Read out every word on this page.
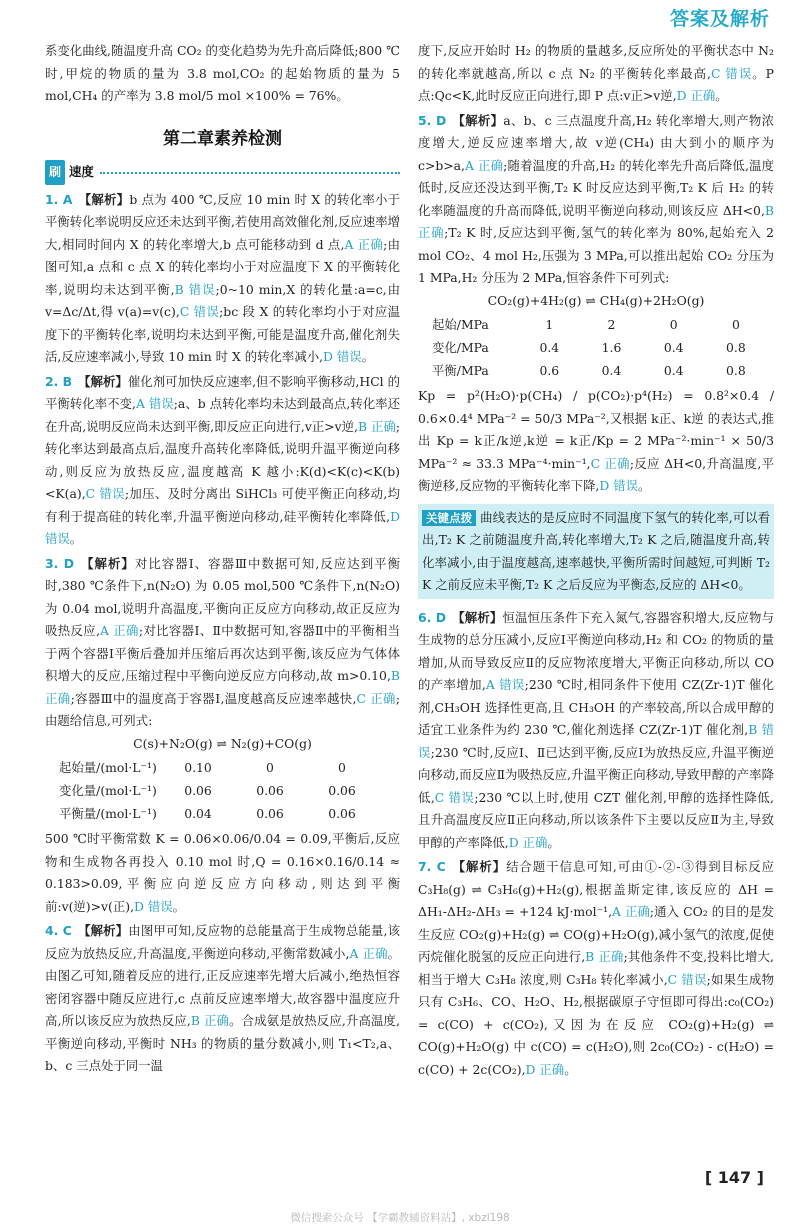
答案及解析

系变化曲线,随温度升高 CO₂ 的变化趋势为先升高后降低;800 ℃时,甲烷的物质的量为 3.8 mol,CO₂ 的起始物质的量为 5 mol,CH₄ 的产率为 3.8 mol/5 mol ×100% = 76%。

第二章素养检测
刷 速度

1. A 【解析】b 点为 400 ℃,反应 10 min 时 X 的转化率小于平衡转化率说明反应还未达到平衡,若使用高效催化剂,反应速率增大,相同时间内 X 的转化率增大,b 点可能移动到 d 点,A 正确;由图可知,a 点和 c 点 X 的转化率均小于对应温度下 X 的平衡转化率,说明均未达到平衡,B 错误;0~10 min,X 的转化量:a=c,由 v=Δc/Δt,得 v(a)=v(c),C 错误;bc 段 X 的转化率均小于对应温度下的平衡转化率,说明均未达到平衡,可能是温度升高,催化剂失活,反应速率减小,导致 10 min 时 X 的转化率减小,D 错误。

2. B 【解析】催化剂可加快反应速率,但不影响平衡移动,HCl 的平衡转化率不变,A 错误;a、b 点转化率均未达到最高点,转化率还在升高,说明反应尚未达到平衡,即反应正向进行,v正>v逆,B 正确;转化率达到最高点后,温度升高转化率降低,说明升温平衡逆向移动,则反应为放热反应,温度越高 K 越小:K(d)<K(c)<K(b)<K(a),C 错误;加压、及时分离出 SiHCl₃ 可使平衡正向移动,均有利于提高硅的转化率,升温平衡逆向移动,硅平衡转化率降低,D 错误。

3. D 【解析】对比容器Ⅰ、容器Ⅲ中数据可知,反应达到平衡时,380 ℃条件下,n(N₂O) 为 0.05 mol,500 ℃条件下,n(N₂O) 为 0.04 mol,说明升高温度,平衡向正反应方向移动,故正反应为吸热反应,A 正确;对比容器Ⅰ、Ⅱ中数据可知,容器Ⅱ中的平衡相当于两个容器Ⅰ平衡后叠加并压缩后再次达到平衡,该反应为气体体积增大的反应,压缩过程中平衡向逆反应方向移动,故 m>0.10,B 正确;容器Ⅲ中的温度高于容器Ⅰ,温度越高反应速率越快,C 正确;由题给信息,可列式:

C(s)+N₂O(g) ⇌ N₂(g)+CO(g)
起始量/(mol·L⁻¹)	0.10	0	0
变化量/(mol·L⁻¹)	0.06	0.06	0.06
平衡量/(mol·L⁻¹)	0.04	0.06	0.06

500 ℃时平衡常数 K = 0.06×0.06/0.04 = 0.09,平衡后,反应物和生成物各再投入 0.10 mol 时,Q = 0.16×0.16/0.14 ≈ 0.183>0.09,平衡应向逆反应方向移动,则达到平衡前:v(逆)>v(正),D 错误。

4. C 【解析】由图甲可知,反应物的总能量高于生成物总能量,该反应为放热反应,升高温度,平衡逆向移动,平衡常数减小,A 正确。由图乙可知,随着反应的进行,正反应速率先增大后减小,绝热恒容密闭容器中随反应进行,c 点前反应速率增大,故容器中温度应升高,所以该反应为放热反应,B 正确。合成氨是放热反应,升高温度,平衡逆向移动,平衡时 NH₃ 的物质的量分数减小,则 T₁<T₂,a、b、c 三点处于同一温

度下,反应开始时 H₂ 的物质的量越多,反应所处的平衡状态中 N₂ 的转化率就越高,所以 c 点 N₂ 的平衡转化率最高,C 错误。P 点:Qc<K,此时反应正向进行,即 P 点:v正>v逆,D 正确。

5. D 【解析】a、b、c 三点温度升高,H₂ 转化率增大,则产物浓度增大,逆反应速率增大,故 v逆(CH₄) 由大到小的顺序为 c>b>a,A 正确;随着温度的升高,H₂ 的转化率先升高后降低,温度低时,反应还没达到平衡,T₂ K 时反应达到平衡,T₂ K 后 H₂ 的转化率随温度的升高而降低,说明平衡逆向移动,则该反应 ΔH<0,B 正确;T₂ K 时,反应达到平衡,氢气的转化率为 80%,起始充入 2 mol CO₂、4 mol H₂,压强为 3 MPa,可以推出起始 CO₂ 分压为 1 MPa,H₂ 分压为 2 MPa,恒容条件下可列式:

CO₂(g)+4H₂(g) ⇌ CH₄(g)+2H₂O(g)
起始/MPa	1	2	0	0
变化/MPa	0.4	1.6	0.4	0.8
平衡/MPa	0.6	0.4	0.4	0.8

Kp = p²(H₂O)·p(CH₄) / p(CO₂)·p⁴(H₂) = 0.8²×0.4 / 0.6×0.4⁴ MPa⁻² = 50/3 MPa⁻²,又根据 k正、k逆 的表达式,推出 Kp = k正/k逆,k逆 = k正/Kp = 2 MPa⁻²·min⁻¹ × 50/3 MPa⁻² ≈ 33.3 MPa⁻⁴·min⁻¹,C 正确;反应 ΔH<0,升高温度,平衡逆移,反应物的平衡转化率下降,D 错误。

关键点拨 曲线表达的是反应时不同温度下氢气的转化率,可以看出,T₂ K 之前随温度升高,转化率增大,T₂ K 之后,随温度升高,转化率减小,由于温度越高,速率越快,平衡所需时间越短,可判断 T₂ K 之前反应未平衡,T₂ K 之后反应为平衡态,反应的 ΔH<0。

6. D 【解析】恒温恒压条件下充入氮气,容器容积增大,反应物与生成物的总分压减小,反应Ⅰ平衡逆向移动,H₂ 和 CO₂ 的物质的量增加,从而导致反应Ⅱ的反应物浓度增大,平衡正向移动,所以 CO 的产率增加,A 错误;230 ℃时,相同条件下使用 CZ(Zr-1)T 催化剂,CH₃OH 选择性更高,且 CH₃OH 的产率较高,所以合成甲醇的适宜工业条件为约 230 ℃,催化剂选择 CZ(Zr-1)T 催化剂,B 错误;230 ℃时,反应Ⅰ、Ⅱ已达到平衡,反应Ⅰ为放热反应,升温平衡逆向移动,而反应Ⅱ为吸热反应,升温平衡正向移动,导致甲醇的产率降低,C 错误;230 ℃以上时,使用 CZT 催化剂,甲醇的选择性降低,且升高温度反应Ⅱ正向移动,所以该条件下主要以反应Ⅱ为主,导致甲醇的产率降低,D 正确。

7. C 【解析】结合题干信息可知,可由①-②-③得到目标反应 C₃H₈(g) ⇌ C₃H₆(g)+H₂(g),根据盖斯定律,该反应的 ΔH = ΔH₁-ΔH₂-ΔH₃ = +124 kJ·mol⁻¹,A 正确;通入 CO₂ 的目的是发生反应 CO₂(g)+H₂(g) ⇌ CO(g)+H₂O(g),减小氢气的浓度,促使丙烷催化脱氢的反应正向进行,B 正确;其他条件不变,投料比增大,相当于增大 C₃H₈ 浓度,则 C₃H₈ 转化率减小,C 错误;如果生成物只有 C₃H₆、CO、H₂O、H₂,根据碳原子守恒即可得出:c₀(CO₂) = c(CO) + c(CO₂),又因为在反应 CO₂(g)+H₂(g) ⇌ CO(g)+H₂O(g) 中 c(CO) = c(H₂O),则 2c₀(CO₂) - c(H₂O) = c(CO) + 2c(CO₂),D 正确。

[ 147 ]
微信搜索公众号 【学霸教辅资料站】, xbzl198
